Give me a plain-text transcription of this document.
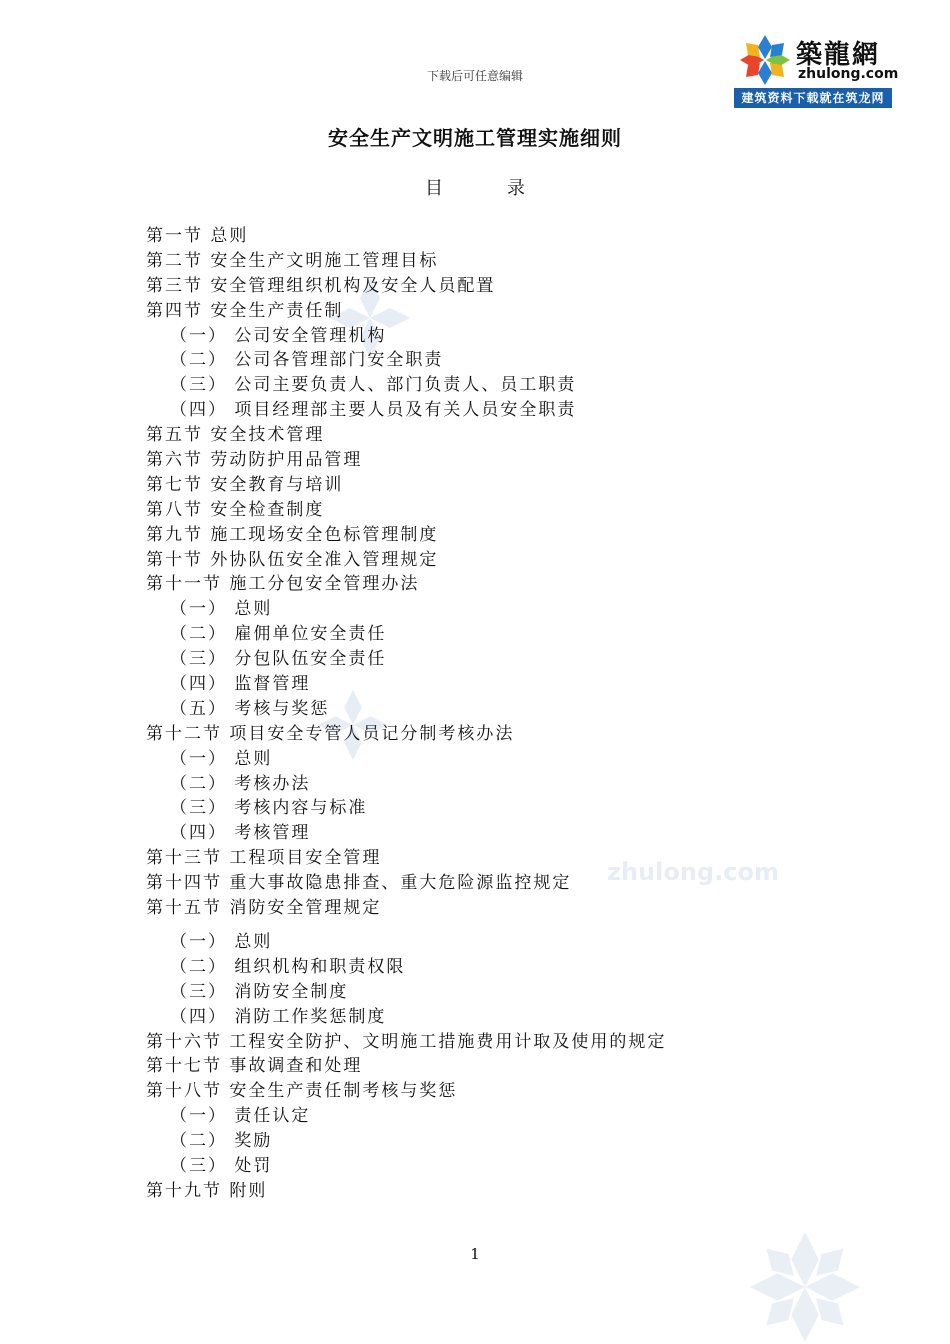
下载后可任意编辑
築龍網
zhulong.com
建筑资料下载就在筑龙网
zhulong.com
安全生产文明施工管理实施细则
目录
第一节 总则
第二节 安全生产文明施工管理目标
第三节 安全管理组织机构及安全人员配置
第四节 安全生产责任制
（一） 公司安全管理机构
（二） 公司各管理部门安全职责
（三） 公司主要负责人、部门负责人、员工职责
（四） 项目经理部主要人员及有关人员安全职责
第五节 安全技术管理
第六节 劳动防护用品管理
第七节 安全教育与培训
第八节 安全检查制度
第九节 施工现场安全色标管理制度
第十节 外协队伍安全准入管理规定
第十一节 施工分包安全管理办法
（一） 总则
（二） 雇佣单位安全责任
（三） 分包队伍安全责任
（四） 监督管理
（五） 考核与奖惩
第十二节 项目安全专管人员记分制考核办法
（一） 总则
（二） 考核办法
（三） 考核内容与标准
（四） 考核管理
第十三节 工程项目安全管理
第十四节 重大事故隐患排查、重大危险源监控规定
第十五节 消防安全管理规定
（一） 总则
（二） 组织机构和职责权限
（三） 消防安全制度
（四） 消防工作奖惩制度
第十六节 工程安全防护、文明施工措施费用计取及使用的规定
第十七节 事故调查和处理
第十八节 安全生产责任制考核与奖惩
（一） 责任认定
（二） 奖励
（三） 处罚
第十九节 附则
1
